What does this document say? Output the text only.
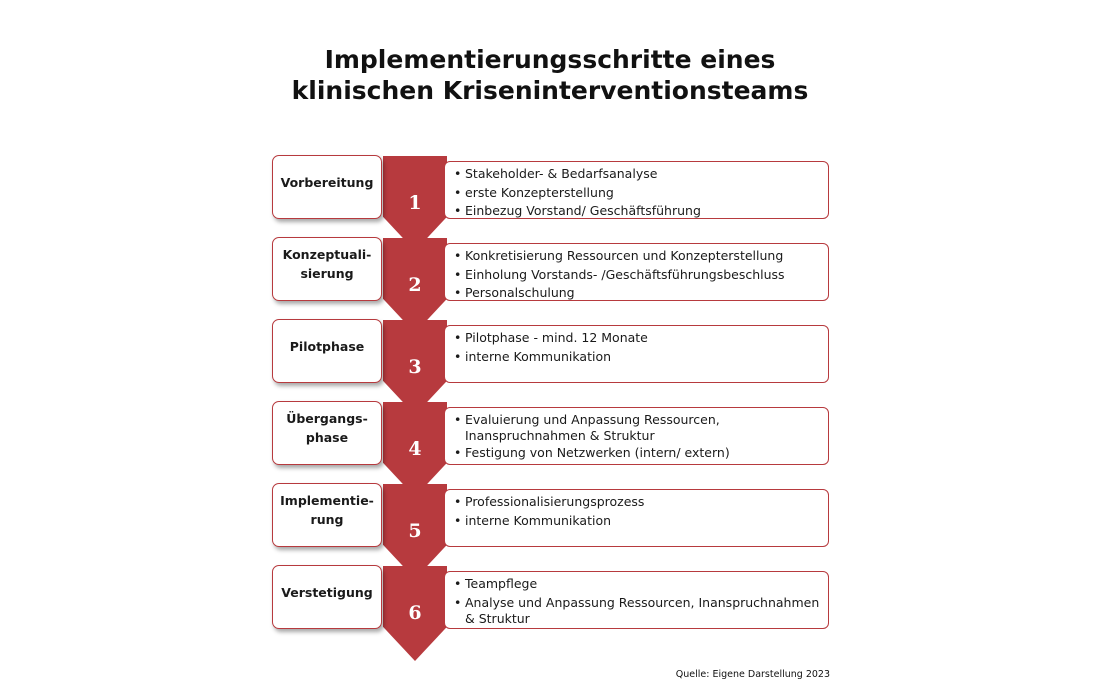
Implementierungsschritte eines
klinischen Kriseninterventionsteams
1
• Stakeholder- & Bedarfsanalyse
• erste Konzepterstellung
• Einbezug Vorstand/ Geschäftsführung
Vorbereitung
2
• Konkretisierung Ressourcen und Konzepterstellung
• Einholung Vorstands- /Geschäftsführungsbeschluss
• Personalschulung
Konzeptuali-
sierung
3
• Pilotphase - mind. 12 Monate
• interne Kommunikation
Pilotphase
4
• Evaluierung und Anpassung Ressourcen, Inanspruchnahmen & Struktur
• Festigung von Netzwerken (intern/ extern)
Übergangs-
phase
5
• Professionalisierungsprozess
• interne Kommunikation
Implementie-
rung
6
• Teampflege
• Analyse und Anpassung Ressourcen, Inanspruchnahmen & Struktur
Verstetigung
Quelle: Eigene Darstellung 2023
